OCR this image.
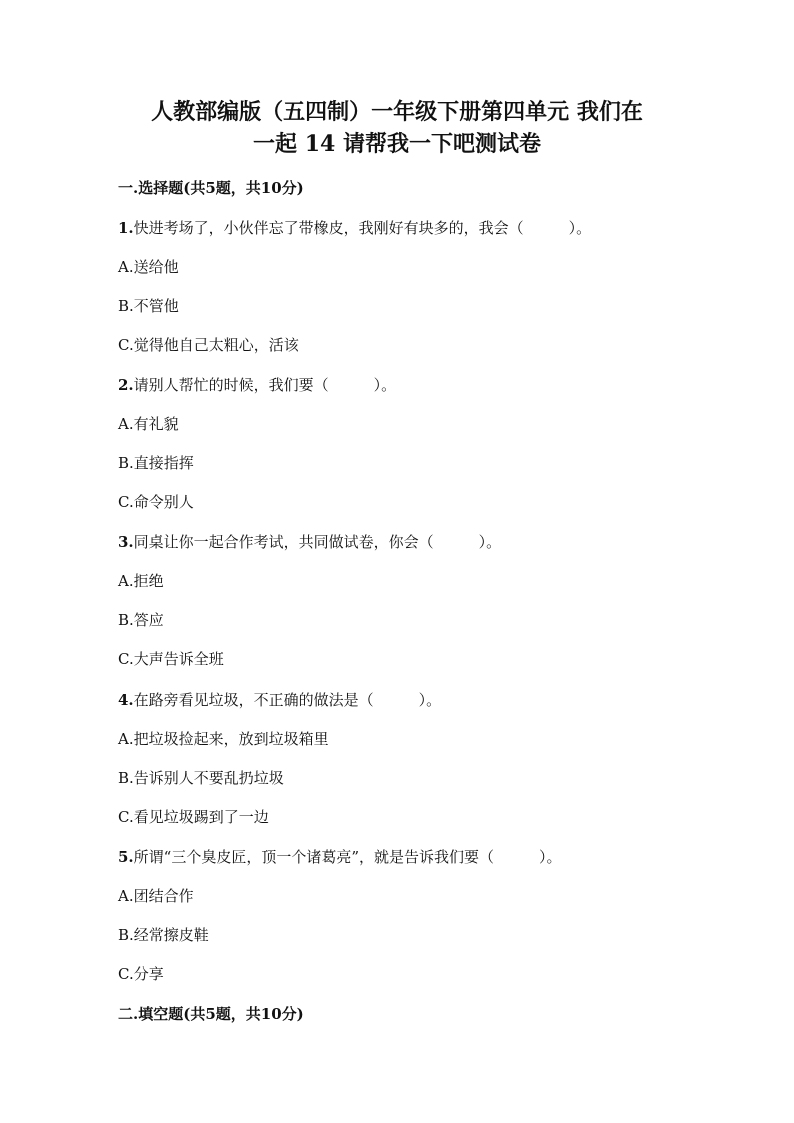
人教部编版（五四制）一年级下册第四单元 我们在
一起 14 请帮我一下吧测试卷
一.选择题(共5题，共10分)
1.快进考场了，小伙伴忘了带橡皮，我刚好有块多的，我会（　　　）。
A.送给他
B.不管他
C.觉得他自己太粗心，活该
2.请别人帮忙的时候，我们要（　　　）。
A.有礼貌
B.直接指挥
C.命令别人
3.同桌让你一起合作考试，共同做试卷，你会（　　　）。
A.拒绝
B.答应
C.大声告诉全班
4.在路旁看见垃圾，不正确的做法是（　　　）。
A.把垃圾捡起来，放到垃圾箱里
B.告诉别人不要乱扔垃圾
C.看见垃圾踢到了一边
5.所谓“三个臭皮匠，顶一个诸葛亮”，就是告诉我们要（　　　）。
A.团结合作
B.经常擦皮鞋
C.分享
二.填空题(共5题，共10分)
